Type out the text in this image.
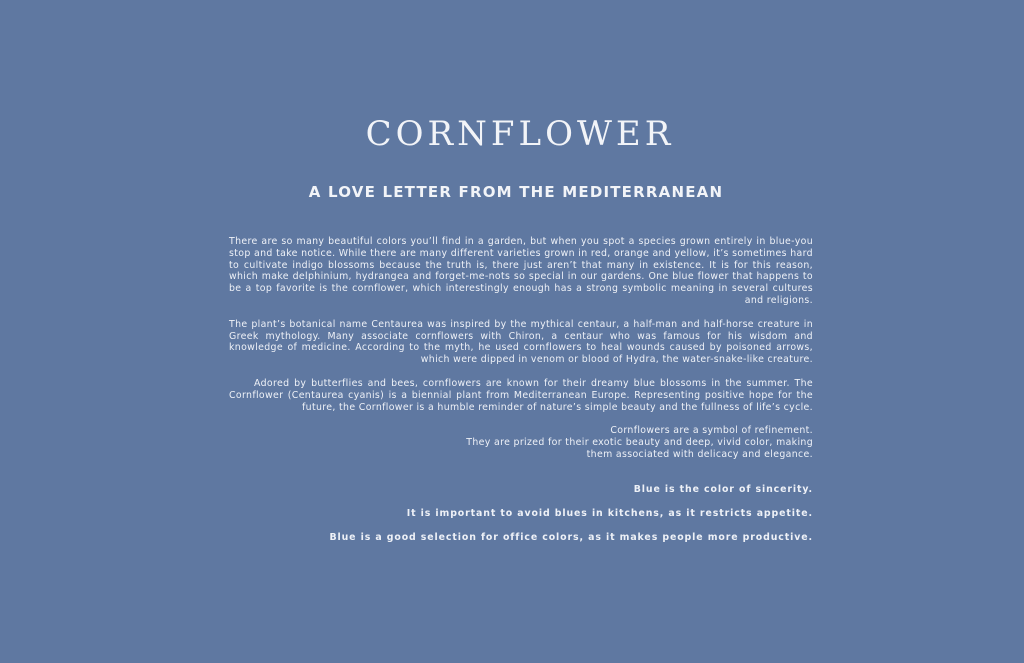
CORNFLOWER
A LOVE LETTER FROM THE MEDITERRANEAN

There are so many beautiful colors you’ll find in a garden, but when you spot a species grown entirely in blue-you stop and take notice. While there are many different varieties grown in red, orange and yellow, it’s sometimes hard to cultivate indigo blossoms because the truth is, there just aren’t that many in existence. It is for this reason, which make delphinium, hydrangea and forget-me-nots so special in our gardens. One blue flower that happens to be a top favorite is the cornflower, which interestingly enough has a strong symbolic meaning in several cultures and religions.

The plant’s botanical name Centaurea was inspired by the mythical centaur, a half-man and half-horse creature in Greek mythology. Many associate cornflowers with Chiron, a centaur who was famous for his wisdom and knowledge of medicine. According to the myth, he used cornflowers to heal wounds caused by poisoned arrows, which were dipped in venom or blood of Hydra, the water-snake-like creature.

Adored by butterflies and bees, cornflowers are known for their dreamy blue blossoms in the summer. The Cornflower (Centaurea cyanis) is a biennial plant from Mediterranean Europe. Representing positive hope for the future, the Cornflower is a humble reminder of nature’s simple beauty and the fullness of life’s cycle.

Cornflowers are a symbol of refinement.
They are prized for their exotic beauty and deep, vivid color, making
them associated with delicacy and elegance.
Blue is the color of sincerity.
It is important to avoid blues in kitchens, as it restricts appetite.
Blue is a good selection for office colors, as it makes people more productive.
